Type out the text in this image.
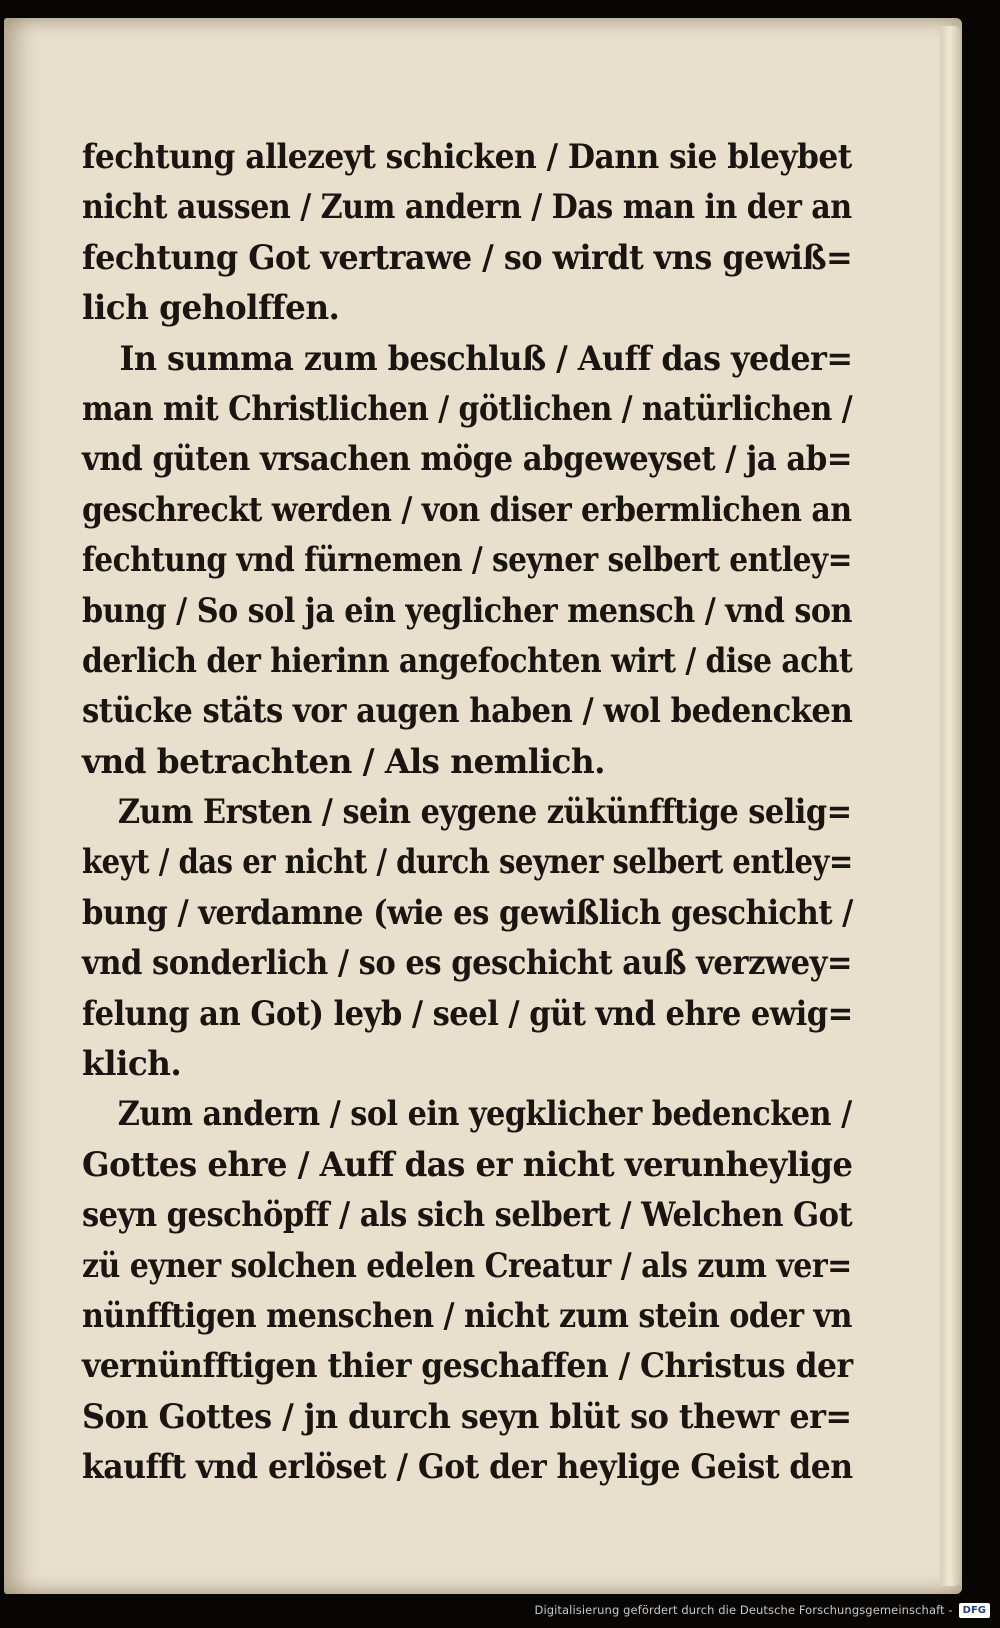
fechtung allezeyt schicken / Dann sie bleybet
nicht aussen / Zum andern / Das man in der an
fechtung Got vertrawe / so wirdt vns gewiß=
lich geholffen.
In summa zum beschluß / Auff das yeder=
man mit Christlichen / götlichen / natürlichen /
vnd güten vrsachen möge abgeweyset / ja ab=
geschreckt werden / von diser erbermlichen an
fechtung vnd fürnemen / seyner selbert entley=
bung / So sol ja ein yeglicher mensch / vnd son
derlich der hierinn angefochten wirt / dise acht
stücke stäts vor augen haben / wol bedencken
vnd betrachten / Als nemlich.
Zum Ersten / sein eygene zükünfftige selig=
keyt / das er nicht / durch seyner selbert entley=
bung / verdamne (wie es gewißlich geschicht /
vnd sonderlich / so es geschicht auß verzwey=
felung an Got) leyb / seel / güt vnd ehre ewig=
klich.
Zum andern / sol ein yegklicher bedencken /
Gottes ehre / Auff das er nicht verunheylige
seyn geschöpff / als sich selbert / Welchen Got
zü eyner solchen edelen Creatur / als zum ver=
nünfftigen menschen / nicht zum stein oder vn
vernünfftigen thier geschaffen / Christus der
Son Gottes / jn durch seyn blüt so thewr er=
kaufft vnd erlöset / Got der heylige Geist den
Digitalisierung gefördert durch die Deutsche Forschungsgemeinschaft -	DFG
